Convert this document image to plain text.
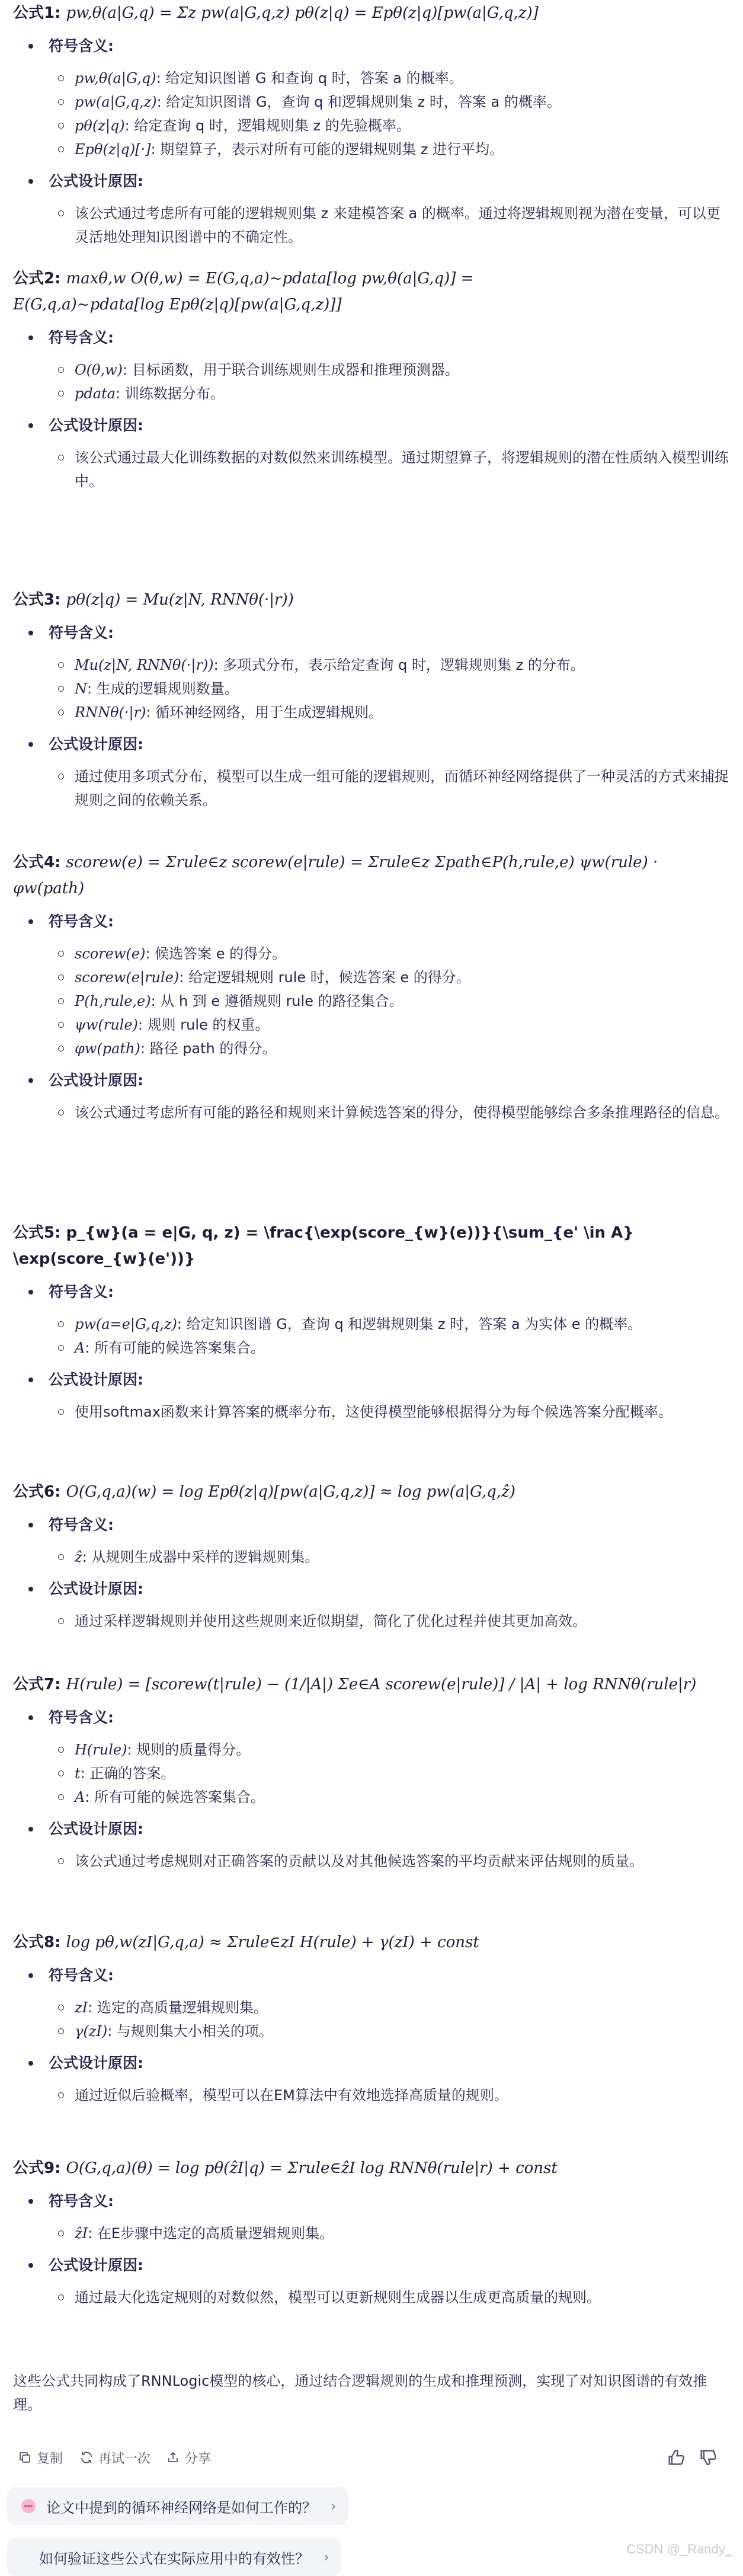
公式1: pw,θ(a|G,q) = Σz pw(a|G,q,z) pθ(z|q) = Epθ(z|q)[pw(a|G,q,z)]
符号含义:
pw,θ(a|G,q): 给定知识图谱 G 和查询 q 时，答案 a 的概率。
pw(a|G,q,z): 给定知识图谱 G，查询 q 和逻辑规则集 z 时，答案 a 的概率。
pθ(z|q): 给定查询 q 时，逻辑规则集 z 的先验概率。
Epθ(z|q)[·]: 期望算子，表示对所有可能的逻辑规则集 z 进行平均。
公式设计原因:
该公式通过考虑所有可能的逻辑规则集 z 来建模答案 a 的概率。通过将逻辑规则视为潜在变量，可以更灵活地处理知识图谱中的不确定性。
公式2: maxθ,w O(θ,w) = E(G,q,a)~pdata[log pw,θ(a|G,q)] =
E(G,q,a)~pdata[log Epθ(z|q)[pw(a|G,q,z)]]
符号含义:
O(θ,w): 目标函数，用于联合训练规则生成器和推理预测器。
pdata: 训练数据分布。
公式设计原因:
该公式通过最大化训练数据的对数似然来训练模型。通过期望算子，将逻辑规则的潜在性质纳入模型训练中。
公式3: pθ(z|q) = Mu(z|N, RNNθ(·|r))
符号含义:
Mu(z|N, RNNθ(·|r)): 多项式分布，表示给定查询 q 时，逻辑规则集 z 的分布。
N: 生成的逻辑规则数量。
RNNθ(·|r): 循环神经网络，用于生成逻辑规则。
公式设计原因:
通过使用多项式分布，模型可以生成一组可能的逻辑规则，而循环神经网络提供了一种灵活的方式来捕捉规则之间的依赖关系。
公式4: scorew(e) = Σrule∈z scorew(e|rule) = Σrule∈z Σpath∈P(h,rule,e) ψw(rule) ·
φw(path)
符号含义:
scorew(e): 候选答案 e 的得分。
scorew(e|rule): 给定逻辑规则 rule 时，候选答案 e 的得分。
P(h,rule,e): 从 h 到 e 遵循规则 rule 的路径集合。
ψw(rule): 规则 rule 的权重。
φw(path): 路径 path 的得分。
公式设计原因:
该公式通过考虑所有可能的路径和规则来计算候选答案的得分，使得模型能够综合多条推理路径的信息。
公式5: p_{w}(a = e|G, q, z) = \frac{\exp(score_{w}(e))}{\sum_{e' \in A} \exp(score_{w}(e'))}
符号含义:
pw(a=e|G,q,z): 给定知识图谱 G，查询 q 和逻辑规则集 z 时，答案 a 为实体 e 的概率。
A: 所有可能的候选答案集合。
公式设计原因:
使用softmax函数来计算答案的概率分布，这使得模型能够根据得分为每个候选答案分配概率。
公式6: O(G,q,a)(w) = log Epθ(z|q)[pw(a|G,q,z)] ≈ log pw(a|G,q,ẑ)
符号含义:
ẑ: 从规则生成器中采样的逻辑规则集。
公式设计原因:
通过采样逻辑规则并使用这些规则来近似期望，简化了优化过程并使其更加高效。
公式7: H(rule) = [scorew(t|rule) − (1/|A|) Σe∈A scorew(e|rule)] / |A| + log RNNθ(rule|r)
符号含义:
H(rule): 规则的质量得分。
t: 正确的答案。
A: 所有可能的候选答案集合。
公式设计原因:
该公式通过考虑规则对正确答案的贡献以及对其他候选答案的平均贡献来评估规则的质量。
公式8: log pθ,w(zI|G,q,a) ≈ Σrule∈zI H(rule) + γ(zI) + const
符号含义:
zI: 选定的高质量逻辑规则集。
γ(zI): 与规则集大小相关的项。
公式设计原因:
通过近似后验概率，模型可以在EM算法中有效地选择高质量的规则。
公式9: O(G,q,a)(θ) = log pθ(ẑI|q) = Σrule∈ẑI log RNNθ(rule|r) + const
符号含义:
ẑI: 在E步骤中选定的高质量逻辑规则集。
公式设计原因:
通过最大化选定规则的对数似然，模型可以更新规则生成器以生成更高质量的规则。
这些公式共同构成了RNNLogic模型的核心，通过结合逻辑规则的生成和推理预测，实现了对知识图谱的有效推理。
复制	再试一次	分享
论文中提到的循环神经网络是如何工作的？ ›
如何验证这些公式在实际应用中的有效性？ ›	CSDN @_Randy_
